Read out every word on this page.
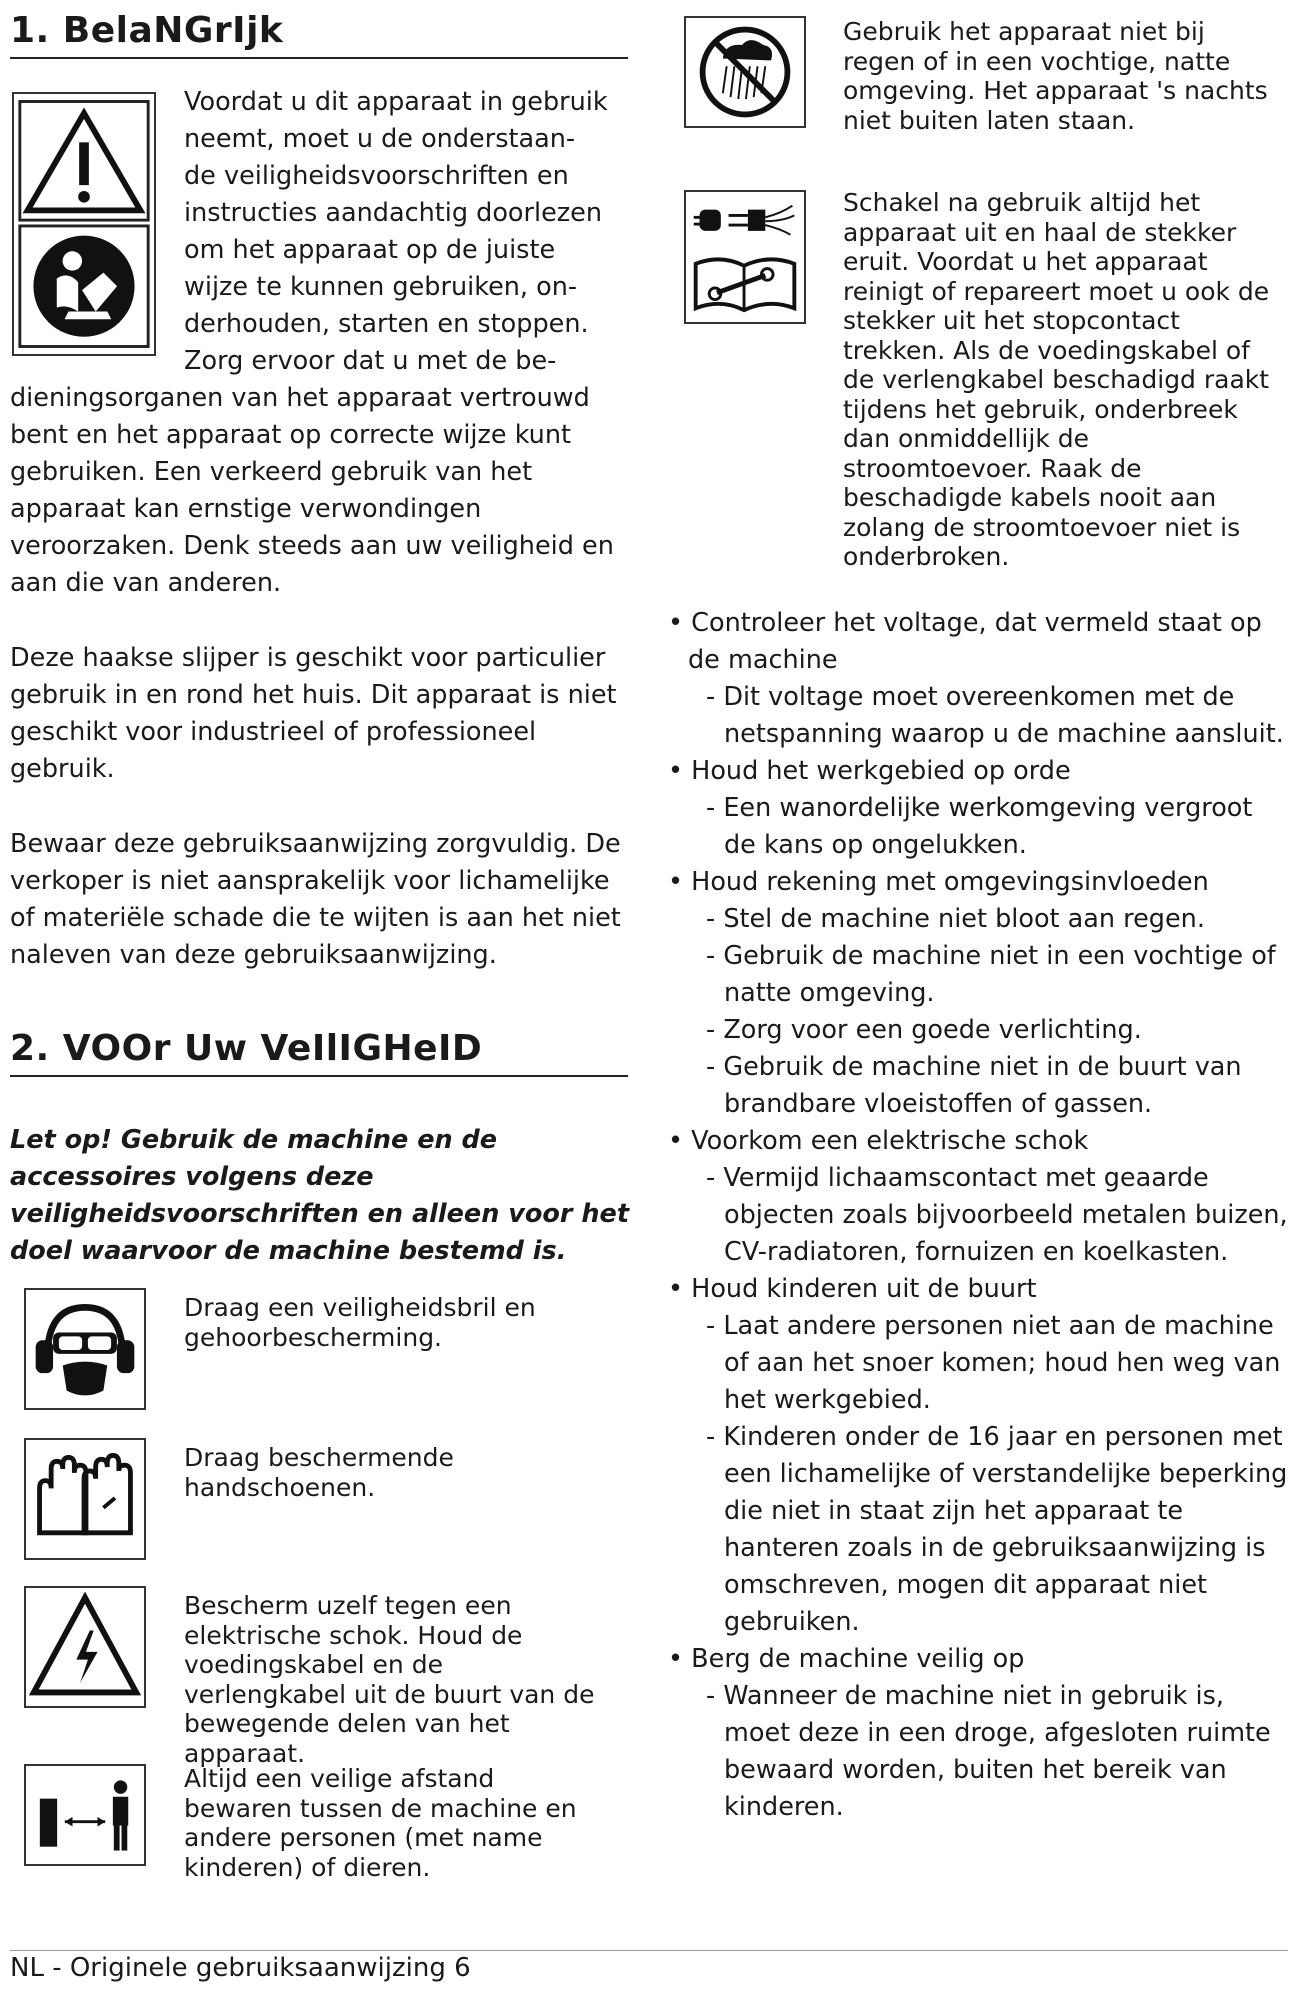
1. BelaNGrIjk

Voordat u dit apparaat in gebruik

neemt, moet u de onderstaan-

de veiligheidsvoorschriften en

instructies aandachtig doorlezen

om het apparaat op de juiste

wijze te kunnen gebruiken, on-

derhouden, starten en stoppen.

Zorg ervoor dat u met de be-

dieningsorganen van het apparaat vertrouwd bent en het apparaat op correcte wijze kunt gebruiken. Een verkeerd gebruik van het apparaat kan ernstige verwondingen veroorzaken. Denk steeds aan uw veiligheid en aan die van anderen.

Deze haakse slijper is geschikt voor particulier gebruik in en rond het huis. Dit apparaat is niet geschikt voor industrieel of professioneel gebruik.

Bewaar deze gebruiksaanwijzing zorgvuldig. De verkoper is niet aansprakelijk voor lichamelijke of materiële schade die te wijten is aan het niet naleven van deze gebruiksaanwijzing.

2. VOOr Uw VeIlIGHeID

Let op! Gebruik de machine en de accessoires volgens deze veiligheidsvoorschriften en alleen voor het doel waarvoor de machine bestemd is.

Draag een veiligheidsbril en gehoorbescherming.
Draag beschermende handschoenen.
Bescherm uzelf tegen een elektrische schok. Houd de voedingskabel en de verlengkabel uit de buurt van de bewegende delen van het apparaat.
Altijd een veilige afstand bewaren tussen de machine en andere personen (met name kinderen) of dieren.
Gebruik het apparaat niet bij regen of in een vochtige, natte omgeving. Het apparaat 's nachts niet buiten laten staan.
Schakel na gebruik altijd het apparaat uit en haal de stekker eruit. Voordat u het apparaat reinigt of repareert moet u ook de stekker uit het stopcontact trekken. Als de voedingskabel of de verlengkabel beschadigd raakt tijdens het gebruik, onderbreek dan onmiddellijk de stroomtoevoer. Raak de beschadigde kabels nooit aan zolang de stroomtoevoer niet is onderbroken.

• Controleer het voltage, dat vermeld staat op de machine

- Dit voltage moet overeenkomen met de netspanning waarop u de machine aansluit.

• Houd het werkgebied op orde

- Een wanordelijke werkomgeving vergroot de kans op ongelukken.

• Houd rekening met omgevingsinvloeden

- Stel de machine niet bloot aan regen.

- Gebruik de machine niet in een vochtige of natte omgeving.

- Zorg voor een goede verlichting.

- Gebruik de machine niet in de buurt van brandbare vloeistoffen of gassen.

• Voorkom een elektrische schok

- Vermijd lichaamscontact met geaarde objecten zoals bijvoorbeeld metalen buizen, CV-radiatoren, fornuizen en koelkasten.

• Houd kinderen uit de buurt

- Laat andere personen niet aan de machine of aan het snoer komen; houd hen weg van het werkgebied.

- Kinderen onder de 16 jaar en personen met een lichamelijke of verstandelijke beperking die niet in staat zijn het apparaat te hanteren zoals in de gebruiksaanwijzing is omschreven, mogen dit apparaat niet gebruiken.

• Berg de machine veilig op

- Wanneer de machine niet in gebruik is, moet deze in een droge, afgesloten ruimte bewaard worden, buiten het bereik van kinderen.

NL - Originele gebruiksaanwijzing 6
